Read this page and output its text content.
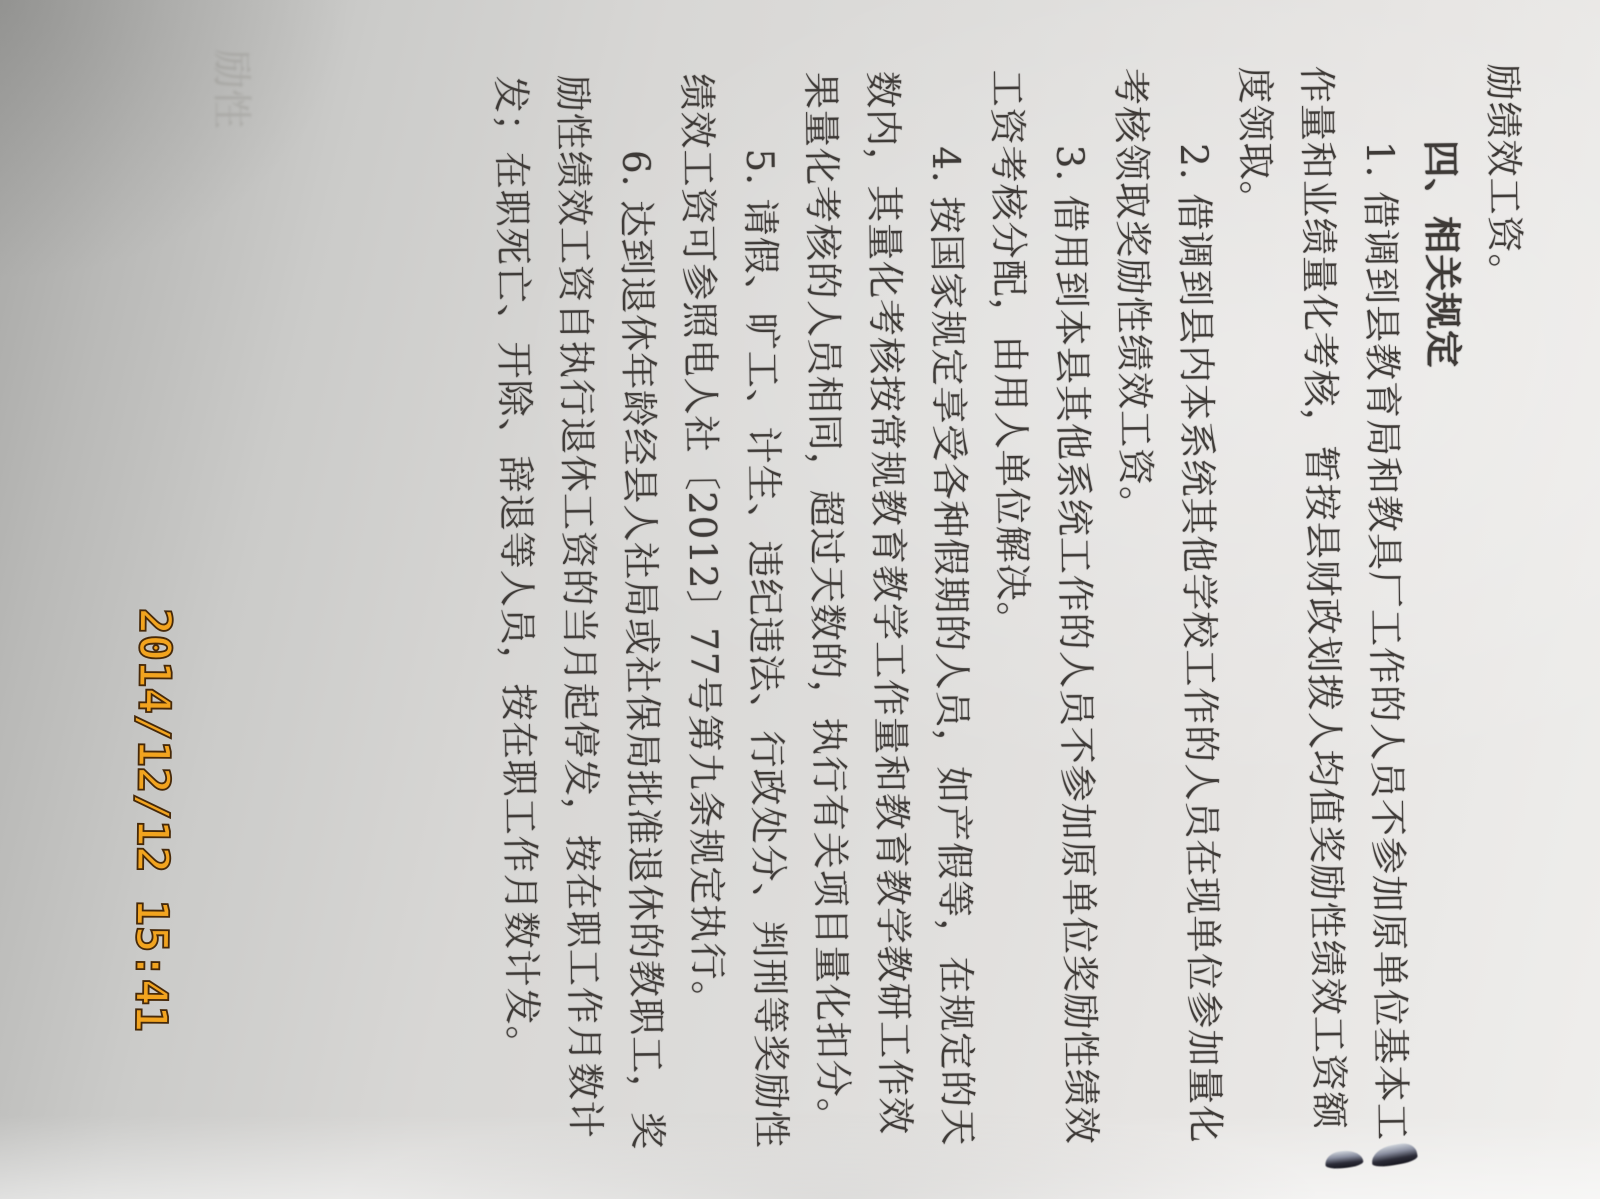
励绩效工资。
四、相关规定
1. 借调到县教育局和教具厂工作的人员不参加原单位基本工
作量和业绩量化考核，暂按县财政划拨人均值奖励性绩效工资额
度领取。
2. 借调到县内本系统其他学校工作的人员在现单位参加量化
考核领取奖励性绩效工资。
3. 借用到本县其他系统工作的人员不参加原单位奖励性绩效
工资考核分配，由用人单位解决。
4. 按国家规定享受各种假期的人员，如产假等，在规定的天
数内，其量化考核按常规教育教学工作量和教育教学教研工作效
果量化考核的人员相同，超过天数的，执行有关项目量化扣分。
5. 请假、旷工、计生、违纪违法、行政处分、判刑等奖励性
绩效工资可参照电人社〔2012〕77号第九条规定执行。
6. 达到退休年龄经县人社局或社保局批准退休的教职工，奖
励性绩效工资自执行退休工资的当月起停发，按在职工作月数计
发；在职死亡、开除、辞退等人员，按在职工作月数计发。
2014/12/12 15:41
励性
